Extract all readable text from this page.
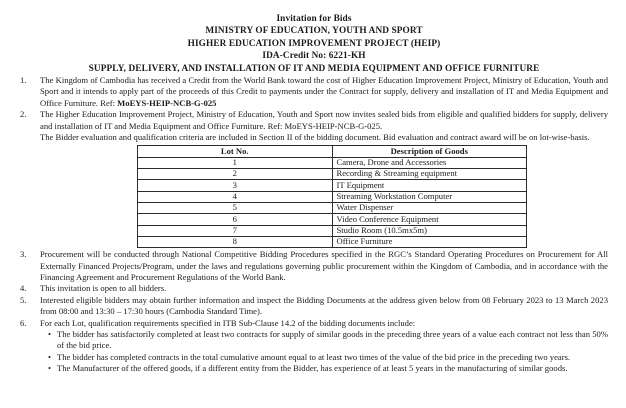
Invitation for Bids
MINISTRY OF EDUCATION, YOUTH AND SPORT
HIGHER EDUCATION IMPROVEMENT PROJECT (HEIP)
IDA-Credit No: 6221-KH
SUPPLY, DELIVERY, AND INSTALLATION OF IT AND MEDIA EQUIPMENT AND OFFICE FURNITURE
1.	The Kingdom of Cambodia has received a Credit from the World Bank toward the cost of Higher Education Improvement Project, Ministry of Education, Youth and Sport and it intends to apply part of the proceeds of this Credit to payments under the Contract for supply, delivery and installation of IT and Media Equipment and Office Furniture. Ref: MoEYS-HEIP-NCB-G-025
2.	The Higher Education Improvement Project, Ministry of Education, Youth and Sport now invites sealed bids from eligible and qualified bidders for supply, delivery and installation of IT and Media Equipment and Office Furniture. Ref: MoEYS-HEIP-NCB-G-025.
The Bidder evaluation and qualification criteria are included in Section II of the bidding document. Bid evaluation and contract award will be on lot-wise-basis.
Lot No.	Description of Goods
1	Camera, Drone and Accessories
2	Recording & Streaming equipment
3	IT Equipment
4	Streaming Workstation Computer
5	Water Dispenser
6	Video Conference Equipment
7	Studio Room (10.5mx5m)
8	Office Furniture
3.	Procurement will be conducted through National Competitive Bidding Procedures specified in the RGC’s Standard Operating Procedures on Procurement for All Externally Financed Projects/Program, under the laws and regulations governing public procurement within the Kingdom of Cambodia, and in accordance with the Financing Agreement and Procurement Regulations of the World Bank.
4.	This invitation is open to all bidders.
5.	Interested eligible bidders may obtain further information and inspect the Bidding Documents at the address given below from 08 February 2023 to 13 March 2023 from 08:00 and 13:30 – 17:30 hours (Cambodia Standard Time).
6.	For each Lot, qualification requirements specified in ITB Sub-Clause 14.2 of the bidding documents include:
• The bidder has satisfactorily completed at least two contracts for supply of similar goods in the preceding three years of a value each contract not less than 50% of the bid price.
• The bidder has completed contracts in the total cumulative amount equal to at least two times of the value of the bid price in the preceding two years.
• The Manufacturer of the offered goods, if a different entity from the Bidder, has experience of at least 5 years in the manufacturing of similar goods.
